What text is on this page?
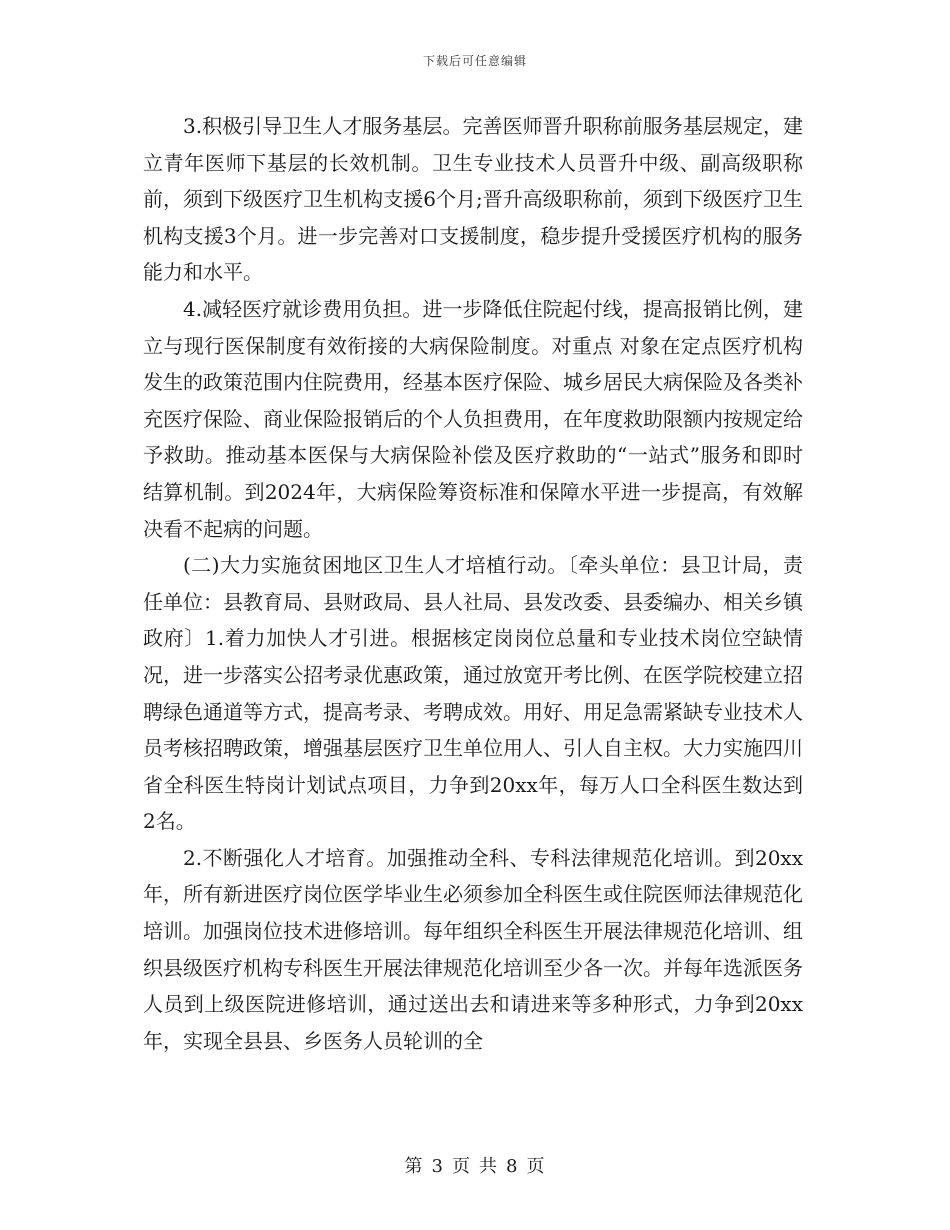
下载后可任意编辑

3.积极引导卫生人才服务基层。完善医师晋升职称前服务基层规定，建立青年医师下基层的长效机制。卫生专业技术人员晋升中级、副高级职称前，须到下级医疗卫生机构支援6个月;晋升高级职称前，须到下级医疗卫生机构支援3个月。进一步完善对口支援制度，稳步提升受援医疗机构的服务能力和水平。

4.减轻医疗就诊费用负担。进一步降低住院起付线，提高报销比例，建立与现行医保制度有效衔接的大病保险制度。对重点 对象在定点医疗机构发生的政策范围内住院费用，经基本医疗保险、城乡居民大病保险及各类补充医疗保险、商业保险报销后的个人负担费用，在年度救助限额内按规定给予救助。推动基本医保与大病保险补偿及医疗救助的“一站式”服务和即时结算机制。到2024年，大病保险筹资标准和保障水平进一步提高，有效解决看不起病的问题。

(二)大力实施贫困地区卫生人才培植行动。〔牵头单位：县卫计局，责任单位：县教育局、县财政局、县人社局、县发改委、县委编办、相关乡镇政府〕1.着力加快人才引进。根据核定岗岗位总量和专业技术岗位空缺情况，进一步落实公招考录优惠政策，通过放宽开考比例、在医学院校建立招聘绿色通道等方式，提高考录、考聘成效。用好、用足急需紧缺专业技术人员考核招聘政策，增强基层医疗卫生单位用人、引人自主权。大力实施四川省全科医生特岗计划试点项目，力争到20xx年，每万人口全科医生数达到2名。

2.不断强化人才培育。加强推动全科、专科法律规范化培训。到20xx年，所有新进医疗岗位医学毕业生必须参加全科医生或住院医师法律规范化培训。加强岗位技术进修培训。每年组织全科医生开展法律规范化培训、组织县级医疗机构专科医生开展法律规范化培训至少各一次。并每年选派医务人员到上级医院进修培训，通过送出去和请进来等多种形式，力争到20xx年，实现全县县、乡医务人员轮训的全

第 3 页 共 8 页
